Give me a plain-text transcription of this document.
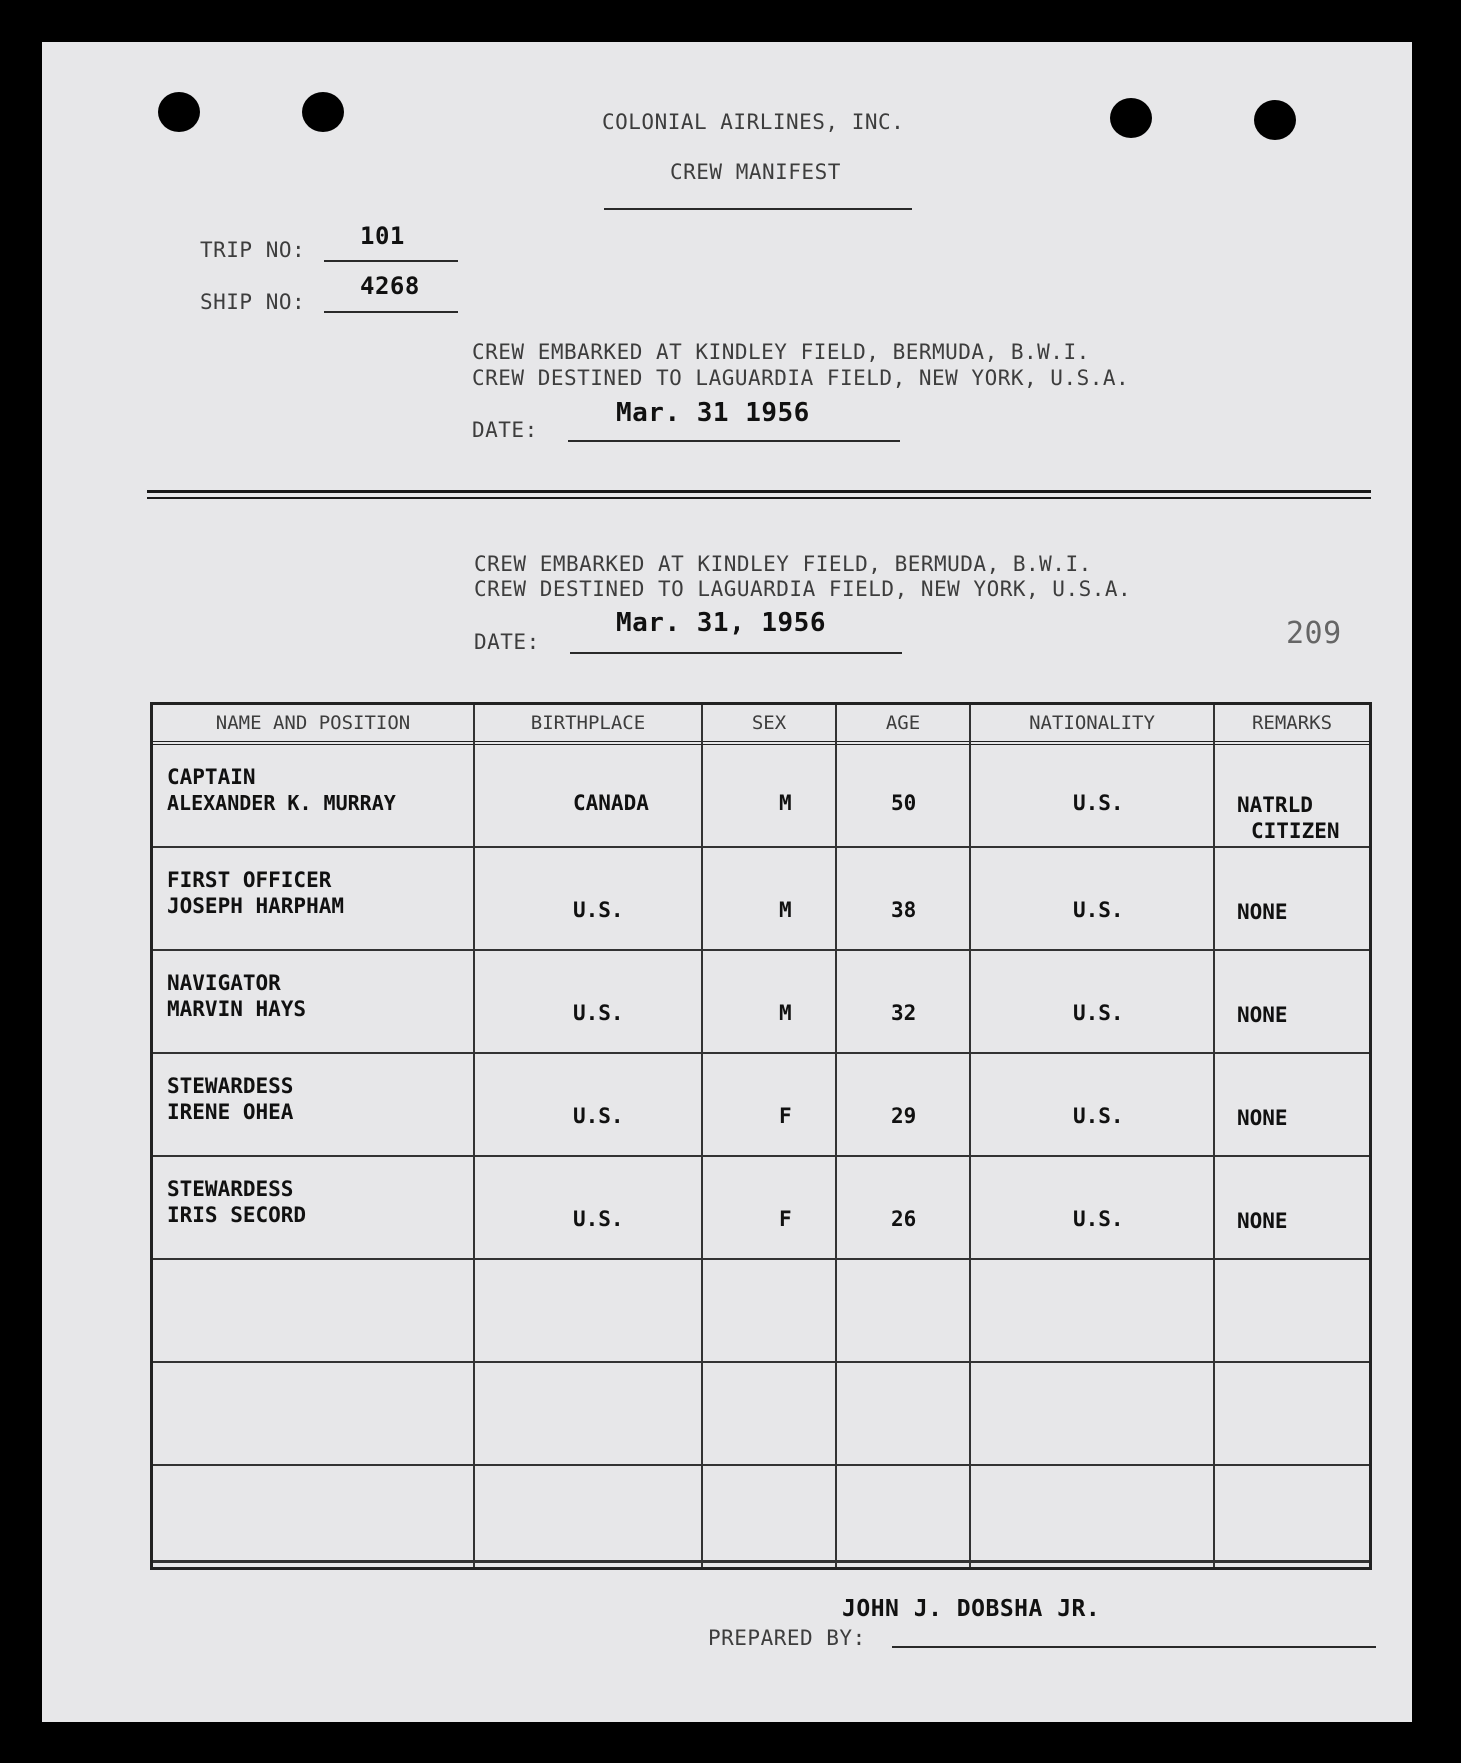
COLONIAL AIRLINES, INC.
CREW MANIFEST
TRIP NO: 101
SHIP NO:
4268
CREW EMBARKED AT KINDLEY FIELD, BERMUDA, B.W.I.
CREW DESTINED TO LAGUARDIA FIELD, NEW YORK, U.S.A.
DATE:
Mar. 31 1956
CREW EMBARKED AT KINDLEY FIELD, BERMUDA, B.W.I.
CREW DESTINED TO LAGUARDIA FIELD, NEW YORK, U.S.A.
DATE:
Mar. 31, 1956	209
NAME AND POSITION	BIRTHPLACE	SEX	AGE	NATIONALITY	REMARKS
CAPTAIN
ALEXANDER K. MURRAY	CANADA	M	50	U.S.	NATRLD
CITIZEN
FIRST OFFICER
JOSEPH HARPHAM	U.S.	M	38	U.S.	NONE
NAVIGATOR
MARVIN HAYS	U.S.	M	32	U.S.	NONE
STEWARDESS
IRENE OHEA	U.S.	F	29	U.S.	NONE
STEWARDESS
IRIS SECORD	U.S.	F	26	U.S.	NONE
JOHN J. DOBSHA JR.
PREPARED BY:
